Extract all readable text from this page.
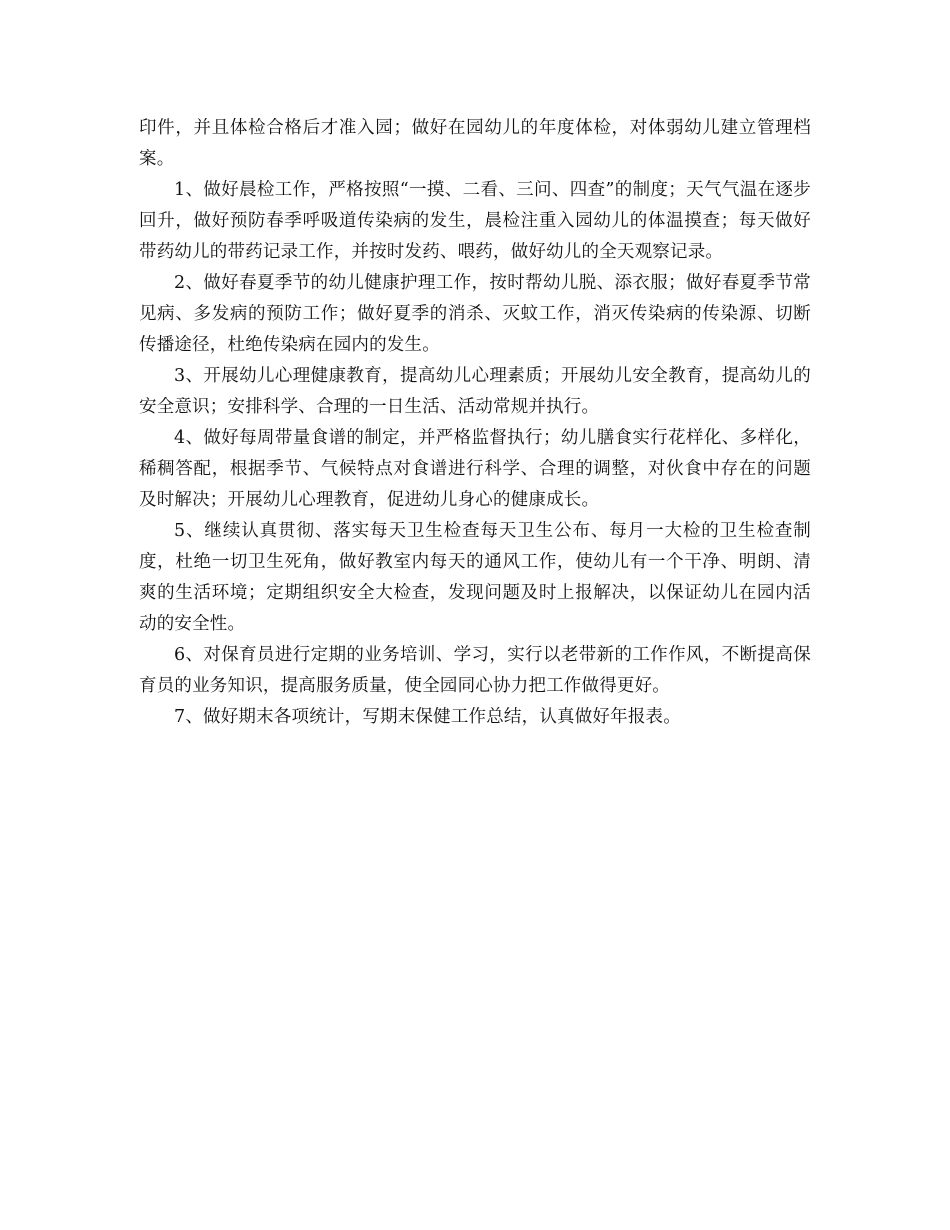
印件，并且体检合格后才准入园；做好在园幼儿的年度体检，对体弱幼儿建立管理档案。

1、做好晨检工作，严格按照“一摸、二看、三问、四查”的制度；天气气温在逐步回升，做好预防春季呼吸道传染病的发生，晨检注重入园幼儿的体温摸查；每天做好带药幼儿的带药记录工作，并按时发药、喂药，做好幼儿的全天观察记录。

2、做好春夏季节的幼儿健康护理工作，按时帮幼儿脱、添衣服；做好春夏季节常见病、多发病的预防工作；做好夏季的消杀、灭蚊工作，消灭传染病的传染源、切断传播途径，杜绝传染病在园内的发生。

3、开展幼儿心理健康教育，提高幼儿心理素质；开展幼儿安全教育，提高幼儿的安全意识；安排科学、合理的一日生活、活动常规并执行。

4、做好每周带量食谱的制定，并严格监督执行；幼儿膳食实行花样化、多样化，稀稠答配，根据季节、气候特点对食谱进行科学、合理的调整，对伙食中存在的问题及时解决；开展幼儿心理教育，促进幼儿身心的健康成长。

5、继续认真贯彻、落实每天卫生检查每天卫生公布、每月一大检的卫生检查制度，杜绝一切卫生死角，做好教室内每天的通风工作，使幼儿有一个干净、明朗、清爽的生活环境；定期组织安全大检查，发现问题及时上报解决，以保证幼儿在园内活动的安全性。

6、对保育员进行定期的业务培训、学习，实行以老带新的工作作风，不断提高保育员的业务知识，提高服务质量，使全园同心协力把工作做得更好。

7、做好期末各项统计，写期末保健工作总结，认真做好年报表。
